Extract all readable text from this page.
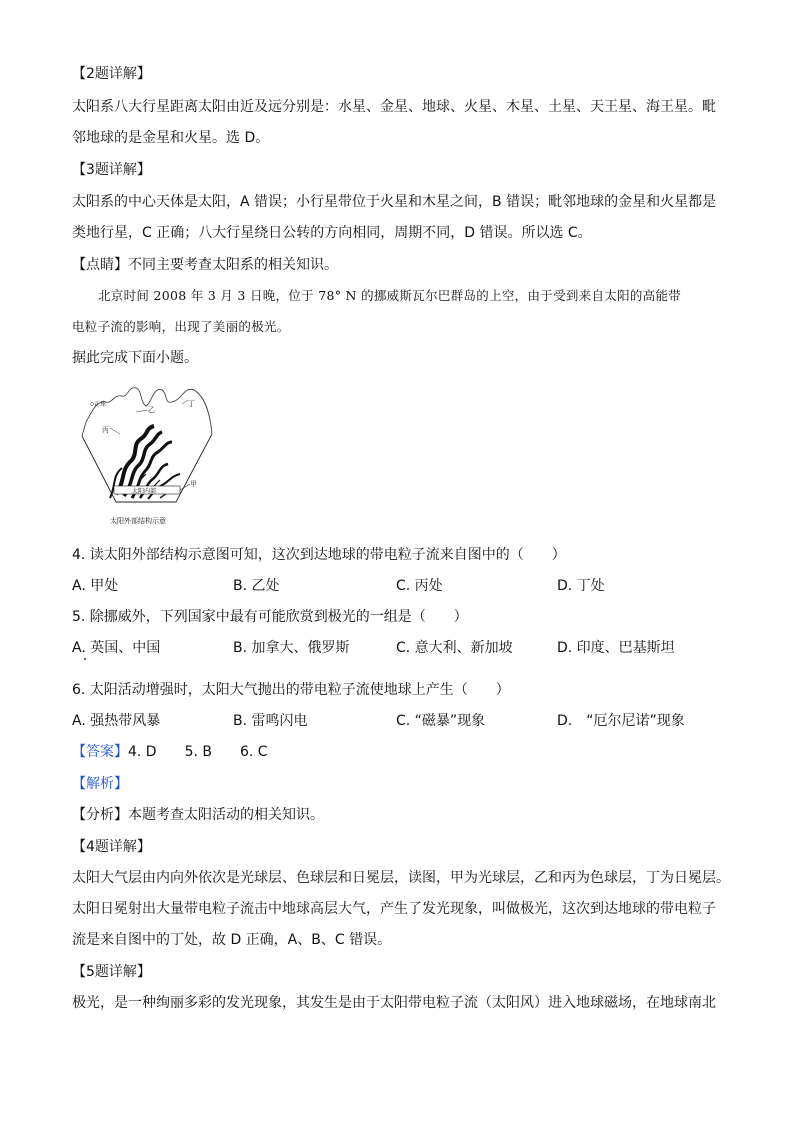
【2题详解】
太阳系八大行星距离太阳由近及远分别是：水星、金星、地球、火星、木星、土星、天王星、海王星。毗
邻地球的是金星和火星。选 D。
【3题详解】
太阳系的中心天体是太阳，A 错误；小行星带位于火星和木星之间，B 错误；毗邻地球的金星和火星都是
类地行星，C 正确；八大行星绕日公转的方向相同，周期不同，D 错误。所以选 C。
【点睛】不同主要考查太阳系的相关知识。
北京时间 2008 年 3 月 3 日晚，位于 78° N 的挪威斯瓦尔巴群岛的上空，由于受到来自太阳的高能带
电粒子流的影响，出现了美丽的极光。
据此完成下面小题。
正球
乙
丁
丙
太阳内部
甲
太阳外部结构示意
4. 读太阳外部结构示意图可知，这次到达地球的带电粒子流来自图中的（　　）
A. 甲处	B. 乙处	C. 丙处	D. 丁处
5. 除挪威外，下列国家中最有可能欣赏到极光的一组是（　　）
A. 英国、中国	B. 加拿大、俄罗斯	C. 意大利、新加坡	D. 印度、巴基斯坦
6. 太阳活动增强时，太阳大气抛出的带电粒子流使地球上产生（　　）
A. 强热带风暴	B. 雷鸣闪电	C. “磁暴”现象	D.　“厄尔尼诺”现象
【答案】4. D　　5. B　　6. C
【解析】
【分析】本题考查太阳活动的相关知识。
【4题详解】
太阳大气层由内向外依次是光球层、色球层和日冕层，读图，甲为光球层，乙和丙为色球层，丁为日冕层。
太阳日冕射出大量带电粒子流击中地球高层大气，产生了发光现象，叫做极光，这次到达地球的带电粒子
流是来自图中的丁处，故 D 正确，A、B、C 错误。
【5题详解】
极光，是一种绚丽多彩的发光现象，其发生是由于太阳带电粒子流（太阳风）进入地球磁场，在地球南北
